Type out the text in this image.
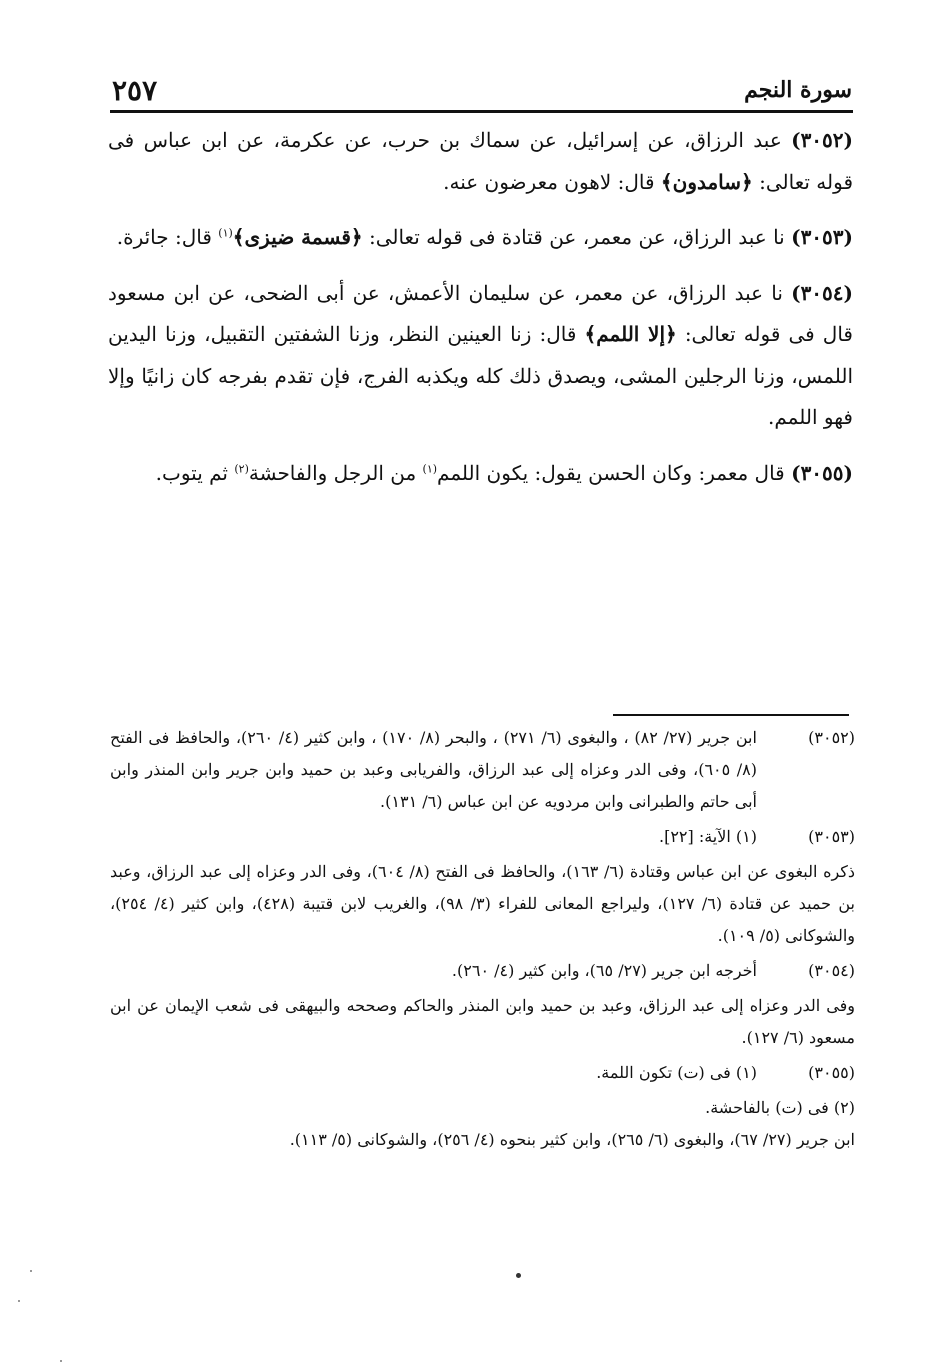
سورة النجم
٢٥٧

(٣٠٥٢) عبد الرزاق، عن إسرائيل، عن سماك بن حرب، عن عكرمة، عن ابن عباس فى قوله تعالى: ﴿سامدون﴾ قال: لاهون معرضون عنه.

(٣٠٥٣) نا عبد الرزاق، عن معمر، عن قتادة فى قوله تعالى: ﴿قسمة ضيزى﴾$^{(١)}$ قال: جائرة.

(٣٠٥٤) نا عبد الرزاق، عن معمر، عن سليمان الأعمش، عن أبى الضحى، عن ابن مسعود قال فى قوله تعالى: ﴿إلا اللمم﴾ قال: زنا العينين النظر، وزنا الشفتين التقبيل، وزنا اليدين اللمس، وزنا الرجلين المشى، ويصدق ذلك كله ويكذبه الفرج، فإن تقدم بفرجه كان زانيًا وإلا فهو اللمم.

(٣٠٥٥) قال معمر: وكان الحسن يقول: يكون اللمم$^{(١)}$ من الرجل والفاحشة$^{(٢)}$ ثم يتوب.

(٣٠٥٢)
ابن جرير (٢٧/ ٨٢) ، والبغوى (٦/ ٢٧١) ، والبحر (٨/ ١٧٠) ، وابن كثير (٤/ ٢٦٠)، والحافظ فى الفتح (٨/ ٦٠٥)، وفى الدر وعزاه إلى عبد الرزاق، والفريابى وعبد بن حميد وابن جرير وابن المنذر وابن أبى حاتم والطبرانى وابن مردويه عن ابن عباس (٦/ ١٣١).
(٣٠٥٣)
(١) الآية: [٢٢].
ذكره البغوى عن ابن عباس وقتادة (٦/ ١٦٣)، والحافظ فى الفتح (٨/ ٦٠٤)، وفى الدر وعزاه إلى عبد الرزاق، وعبد بن حميد عن قتادة (٦/ ١٢٧)، وليراجع المعانى للفراء (٣/ ٩٨)، والغريب لابن قتيبة (٤٢٨)، وابن كثير (٤/ ٢٥٤)، والشوكانى (٥/ ١٠٩).
(٣٠٥٤)
أخرجه ابن جرير (٢٧/ ٦٥)، وابن كثير (٤/ ٢٦٠).
وفى الدر وعزاه إلى عبد الرزاق، وعبد بن حميد وابن المنذر والحاكم وصححه والبيهقى فى شعب الإيمان عن ابن مسعود (٦/ ١٢٧).
(٣٠٥٥)
(١) فى (ت) تكون اللمة.
(٢) فى (ت) بالفاحشة.
ابن جرير (٢٧/ ٦٧)، والبغوى (٦/ ٢٦٥)، وابن كثير بنحوه (٤/ ٢٥٦)، والشوكانى (٥/ ١١٣).
